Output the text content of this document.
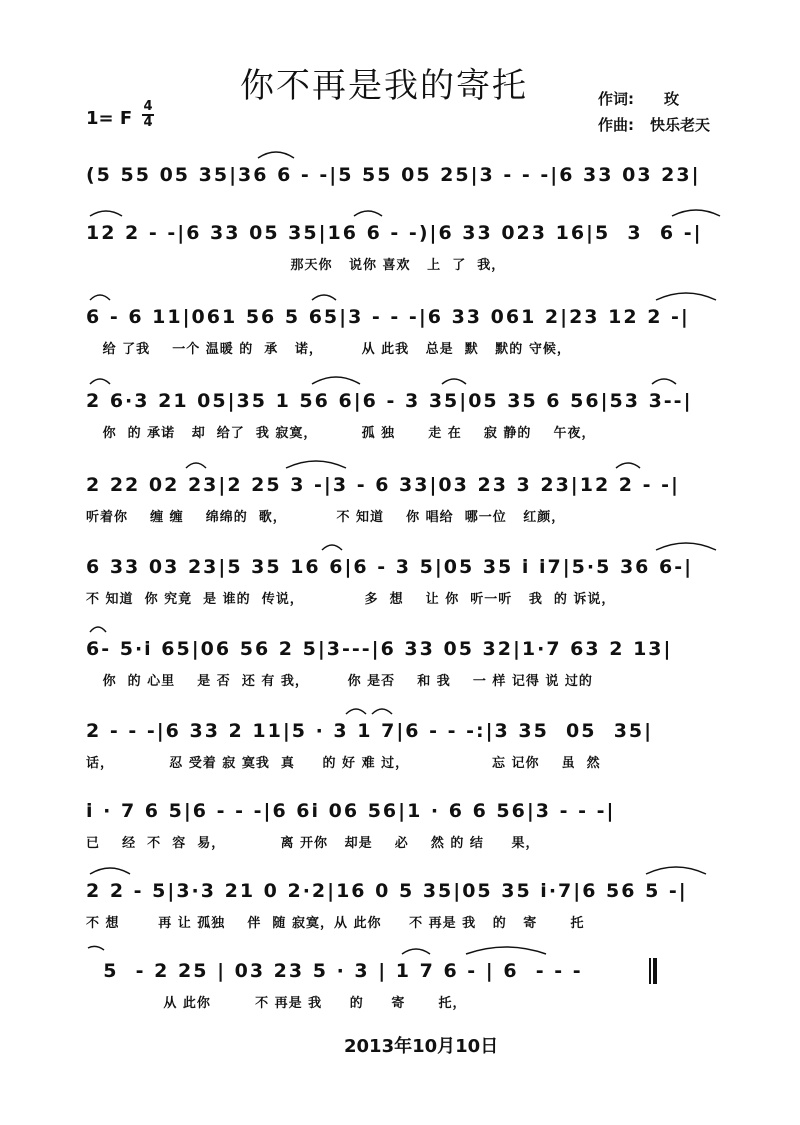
你不再是我的寄托	作词: 玫
作曲: 快乐老天
1= F
4
4
(5 55 05 35|36 6 - -|5 55 05 25|3 - - -|6 33 03 23|
12 2 - -|6 33 05 35|16 6 - -)|6 33 023 16|5  3  6 -|
那天你   说你 喜欢   上  了  我，
6 - 6 11|061 56 5 65|3 - - -|6 33 061 2|23 12 2 -|
给 了我    一个 温暖 的  承   诺，       从 此我   总是  默   默的 守候，
2 6·3 21 05|35 1 56 6|6 - 3 35|05 35 6 56|53 3--|
你  的 承诺   却  给了  我 寂寞，        孤 独      走 在    寂 静的    午夜，
2 22 02 23|2 25 3 -|3 - 6 33|03 23 3 23|12 2 - -|
听着你    缠 缠    绵绵的  歌，         不 知道    你 唱给  哪一位   红颜，
6 33 03 23|5 35 16 6|6 - 3 5|05 35 i i7|5·5 36 6-|
不 知道  你 究竟  是 谁的  传说，           多  想    让 你  听一听   我  的 诉说，
6- 5·i 65|06 56 2 5|3---|6 33 05 32|1·7 63 2 13|
你  的 心里    是 否  还 有 我，       你 是否    和 我    一 样 记得 说 过的
2 - - -|6 33 2 11|5 · 3 1 7|6 - - -:|3 35  05  35|
话，          忍 受着 寂 寞我  真     的 好 难 过，               忘 记你    虽  然
i · 7 6 5|6 - - -|6 6i 06 56|1 · 6 6 56|3 - - -|
已    经  不  容  易，          离 开你   却是    必    然 的 结     果，
2 2 - 5|3·3 21 0 2·2|16 0 5 35|05 35 i·7|6 56 5 -|
不 想       再 让 孤独    伴  随 寂寞，从 此你     不 再是 我   的   寄      托
5  - 2 25 | 03 23 5 · 3 | 1 7 6 - | 6  - - -
从 此你        不 再是 我     的     寄      托，
2013年10月10日
